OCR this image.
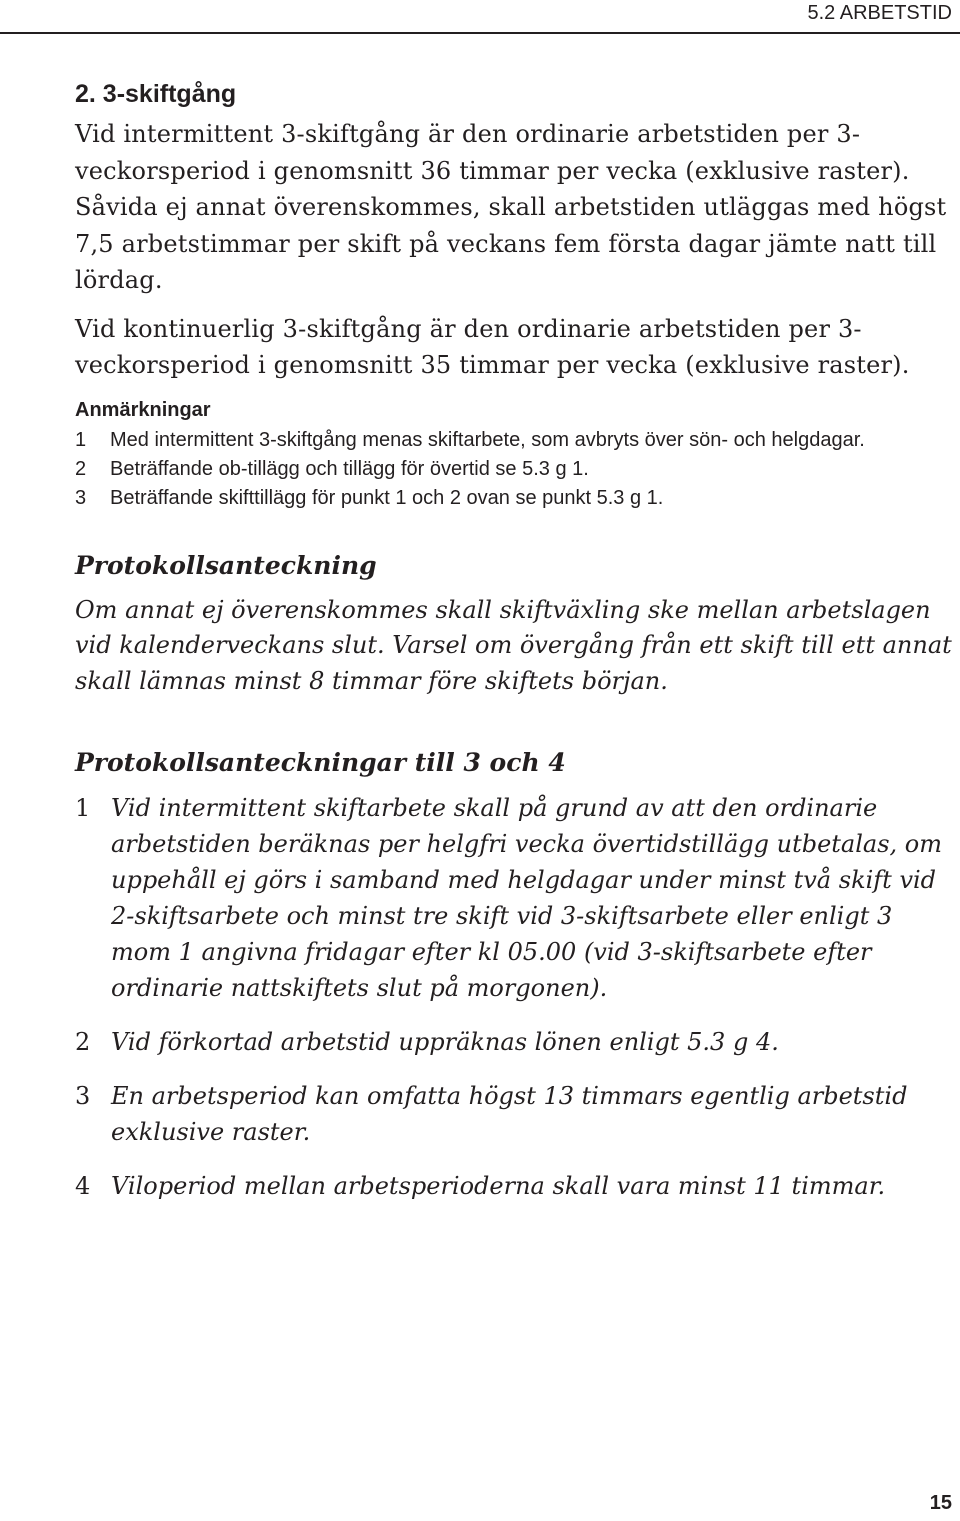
5.2 ARBETSTID
2. 3-skiftgång

Vid intermittent 3-skiftgång är den ordinarie arbetstiden per 3-veckorsperiod i genomsnitt 36 timmar per vecka (exklusive raster). Såvida ej annat överenskommes, skall arbetstiden utläggas med högst 7,5 arbetstimmar per skift på veckans fem första dagar jämte natt till lördag.

Vid kontinuerlig 3-skiftgång är den ordinarie arbetstiden per 3-veckorsperiod i genomsnitt 35 timmar per vecka (exklusive raster).

Anmärkningar
1	Med intermittent 3-skiftgång menas skiftarbete, som avbryts över sön- och helgdagar.
2	Beträffande ob-tillägg och tillägg för övertid se 5.3 g 1.
3	Beträffande skifttillägg för punkt 1 och 2 ovan se punkt 5.3 g 1.
Protokollsanteckning

Om annat ej överenskommes skall skiftväxling ske mellan arbetslagen vid kalenderveckans slut. Varsel om övergång från ett skift till ett annat skall lämnas minst 8 timmar före skiftets början.

Protokollsanteckningar till 3 och 4
1 Vid intermittent skiftarbete skall på grund av att den ordinarie arbetstiden beräknas per helgfri vecka övertidstillägg utbetalas, om uppehåll ej görs i samband med helgdagar under minst två skift vid 2-skiftsarbete och minst tre skift vid 3-skiftsarbete eller enligt 3 mom 1 angivna fridagar efter kl 05.00 (vid 3-skiftsarbete efter ordinarie nattskiftets slut på morgonen).
2 Vid förkortad arbetstid uppräknas lönen enligt 5.3 g 4.
3 En arbetsperiod kan omfatta högst 13 timmars egentlig arbetstid exklusive raster.
4 Viloperiod mellan arbetsperioderna skall vara minst 11 timmar.
15
